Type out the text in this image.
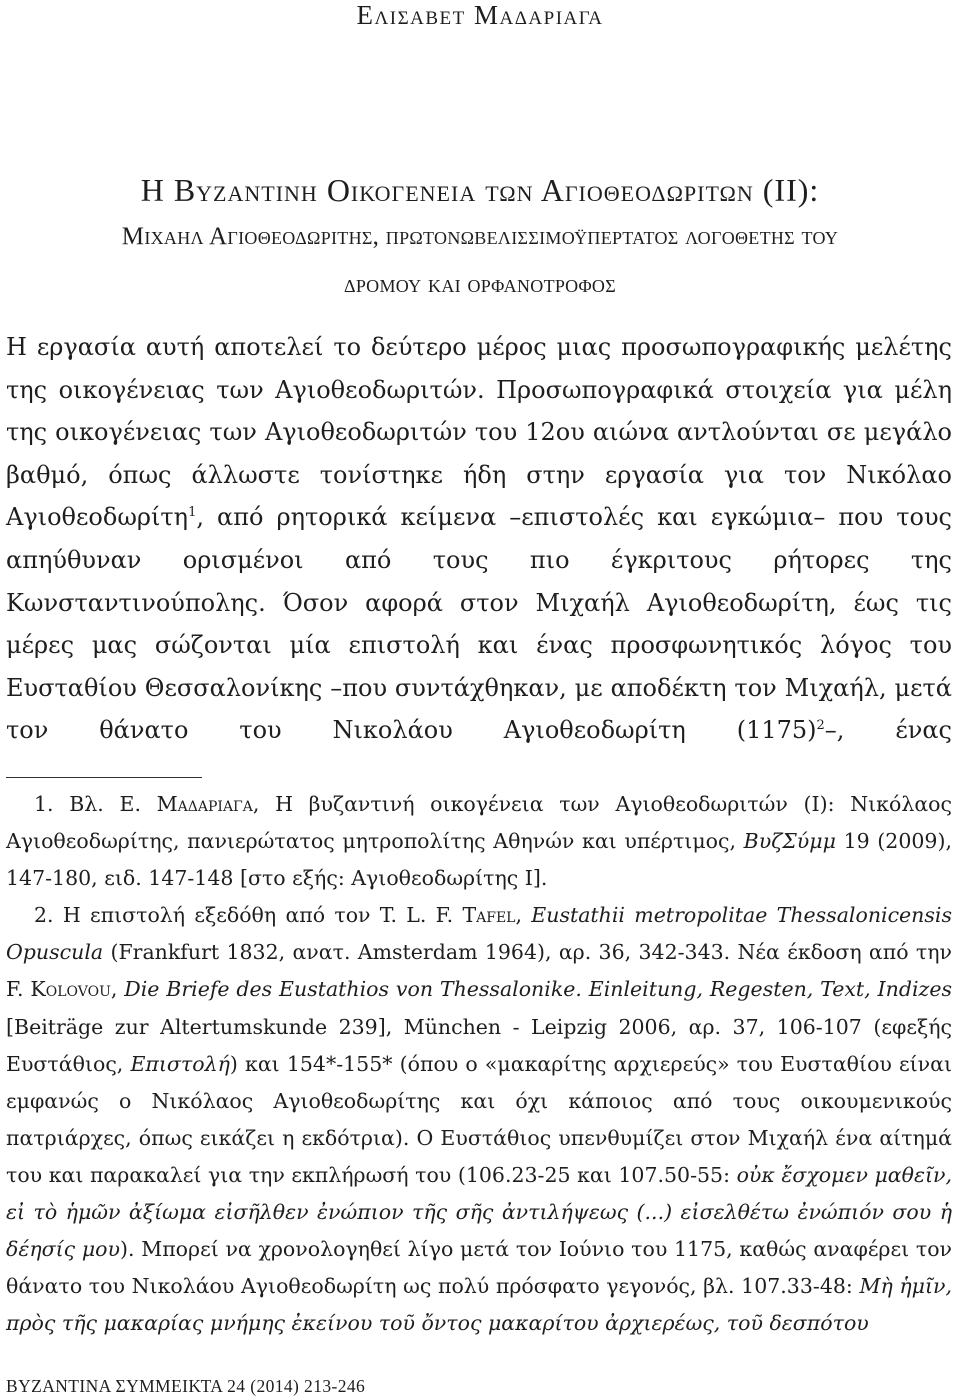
Ελισαβετ Μαδαριαγα
Η Βυζαντινη Οικογενεια των Αγιοθεοδωριτων (ΙΙ):
Μιχαηλ Αγιοθεοδωριτης, πρωτονωβελισσιμοϋπερτατος λογοθετης του
δρομου και ορφανοτροφος
Η εργασία αυτή αποτελεί το δεύτερο μέρος μιας προσωπογραφικής μελέτης της οικογένειας των Αγιοθεοδωριτών. Προσωπογραφικά στοιχεία για μέλη της οικογένειας των Αγιοθεοδωριτών του 12ου αιώνα αντλούνται σε μεγάλο βαθμό, όπως άλλωστε τονίστηκε ήδη στην εργασία για τον Νικόλαο Αγιοθεοδωρίτη$^1$, από ρητορικά κείμενα –επιστολές και εγκώμια– που τους απηύθυναν ορισμένοι από τους πιο έγκριτους ρήτορες της Κωνσταντινούπολης. Όσον αφορά στον Μιχαήλ Αγιοθεοδωρίτη, έως τις μέρες μας σώζονται μία επιστολή και ένας προσφωνητικός λόγος του Ευσταθίου Θεσσαλονίκης –που συντάχθηκαν, με αποδέκτη τον Μιχαήλ, μετά τον θάνατο του Νικολάου Αγιοθεοδωρίτη $(1175)^2-$, ένας

1. Βλ. Ε. Μαδαριαγα, Η βυζαντινή οικογένεια των Αγιοθεοδωριτών (Ι): Νικόλαος Αγιοθεοδωρίτης, πανιερώτατος μητροπολίτης Αθηνών και υπέρτιμος, ΒυζΣύμμ 19 (2009), 147-180, ειδ. 147-148 [στο εξής: Αγιοθεοδωρίτης Ι].

2. Η επιστολή εξεδόθη από τον T. L. F. Tafel, Eustathii metropolitae Thessalonicensis Opuscula (Frankfurt 1832, ανατ. Amsterdam 1964), αρ. 36, 342-343. Νέα έκδοση από την F. Kolovou, Die Briefe des Eustathios von Thessalonike. Einleitung, Regesten, Text, Indizes [Beiträge zur Altertumskunde 239], München - Leipzig 2006, αρ. 37, 106-107 (εφεξής Ευστάθιος, Επιστολή) και 154*-155* (όπου ο «μακαρίτης αρχιερεύς» του Ευσταθίου είναι εμφανώς ο Νικόλαος Αγιοθεοδωρίτης και όχι κάποιος από τους οικουμενικούς πατριάρχες, όπως εικάζει η εκδότρια). Ο Ευστάθιος υπενθυμίζει στον Μιχαήλ ένα αίτημά του και παρακαλεί για την εκπλήρωσή του (106.23-25 και 107.50-55: οὐκ ἔσχομεν μαθεῖν, εἰ τὸ ἡμῶν ἀξίωμα εἰσῆλθεν ἐνώπιον τῆς σῆς ἀντιλήψεως (...) εἰσελθέτω ἐνώπιόν σου ἡ δέησίς μου). Μπορεί να χρονολογηθεί λίγο μετά τον Ιούνιο του 1175, καθώς αναφέρει τον θάνατο του Νικολάου Αγιοθεοδωρίτη ως πολύ πρόσφατο γεγονός, βλ. 107.33-48: Μὴ ἡμῖν, πρὸς τῆς μακαρίας μνήμης ἐκείνου τοῦ ὄντος μακαρίτου ἀρχιερέως, τοῦ δεσπότου

ΒΥΖΑΝΤΙΝΑ ΣΥΜΜΕΙΚΤΑ 24 (2014) 213-246
